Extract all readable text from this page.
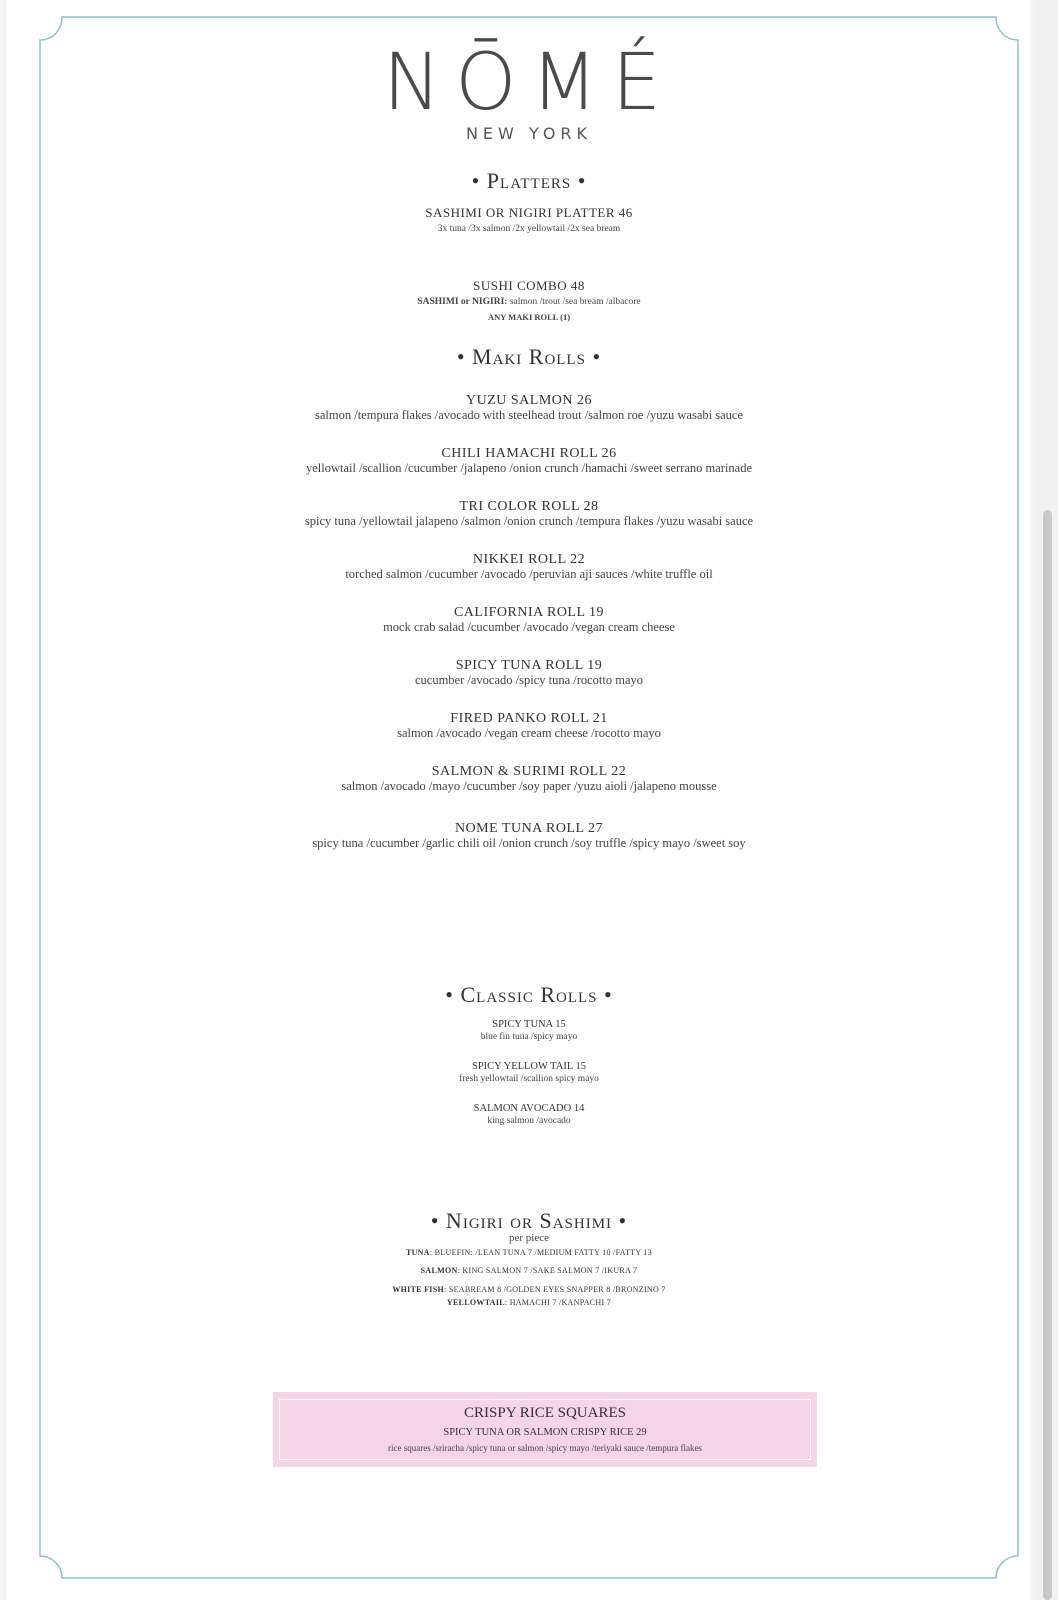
NŌMÉ
NEW YORK
• Platters •
SASHIMI OR NIGIRI PLATTER 46
3x tuna /3x salmon /2x yellowtail /2x sea bream
SUSHI COMBO 48
SASHIMI or NIGIRI: salmon /trout /sea bream /albacore
ANY MAKI ROLL (1)
• Maki Rolls •
YUZU SALMON 26
salmon /tempura flakes /avocado with steelhead trout /salmon roe /yuzu wasabi sauce
CHILI HAMACHI ROLL 26
yellowtail /scallion /cucumber /jalapeno /onion crunch /hamachi /sweet serrano marinade
TRI COLOR ROLL 28
spicy tuna /yellowtail jalapeno /salmon /onion crunch /tempura flakes /yuzu wasabi sauce
NIKKEI ROLL 22
torched salmon /cucumber /avocado /peruvian aji sauces /white truffle oil
CALIFORNIA ROLL 19
mock crab salad /cucumber /avocado /vegan cream cheese
SPICY TUNA ROLL 19
cucumber /avocado /spicy tuna /rocotto mayo
FIRED PANKO ROLL 21
salmon /avocado /vegan cream cheese /rocotto mayo
SALMON & SURIMI ROLL 22
salmon /avocado /mayo /cucumber /soy paper /yuzu aioli /jalapeno mousse
NOME TUNA ROLL 27
spicy tuna /cucumber /garlic chili oil /onion crunch /soy truffle /spicy mayo /sweet soy
• Classic Rolls •
SPICY TUNA 15
blue fin tuna /spicy mayo
SPICY YELLOW TAIL 15
fresh yellowtail /scallion spicy mayo
SALMON AVOCADO 14
king salmon /avocado
• Nigiri or Sashimi •
per piece
TUNA: BLUEFIN: /LEAN TUNA 7 /MEDIUM FATTY 10 /FATTY 13
SALMON: KING SALMON 7 /SAKE SALMON 7 /IKURA 7
WHITE FISH: SEABREAM 8 /GOLDEN EYES SNAPPER 8 /BRONZINO 7
YELLOWTAIL: HAMACHI 7 /KANPACHI 7
CRISPY RICE SQUARES
SPICY TUNA OR SALMON CRISPY RICE 29
rice squares /sriracha /spicy tuna or salmon /spicy mayo /teriyaki sauce /tempura flakes
